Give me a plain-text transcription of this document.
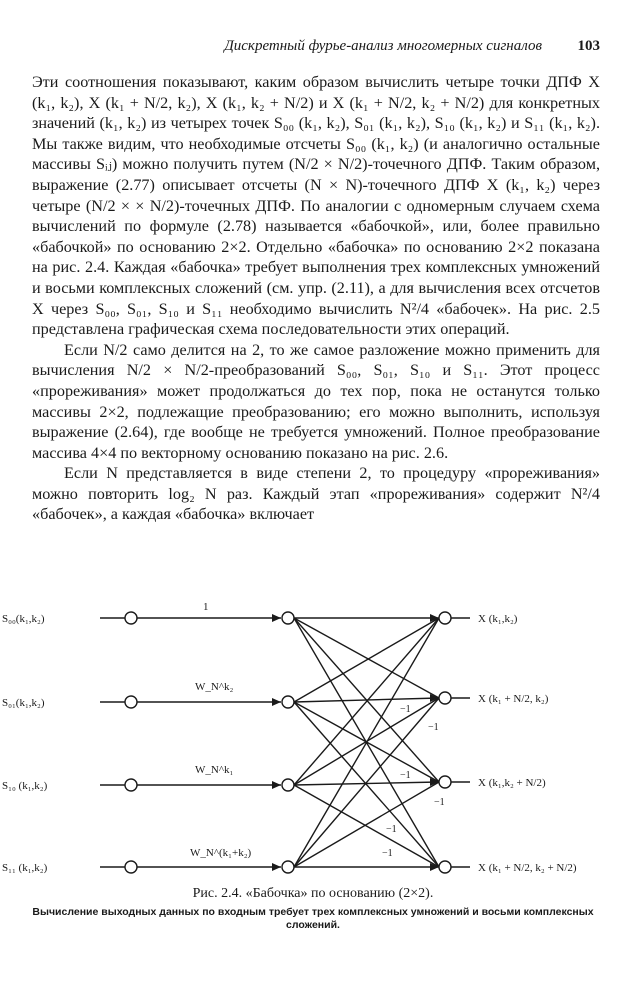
Дискретный фурье-анализ многомерных сигналов 103

Эти соотношения показывают, каким образом вычислить четыре точки ДПФ X (k₁, k₂), X (k₁ + N/2, k₂), X (k₁, k₂ + N/2) и X (k₁ + N/2, k₂ + N/2) для конкретных значений (k₁, k₂) из четырех точек S₀₀ (k₁, k₂), S₀₁ (k₁, k₂), S₁₀ (k₁, k₂) и S₁₁ (k₁, k₂). Мы также видим, что необходимые отсчеты S₀₀ (k₁, k₂) (и аналогично остальные массивы Sᵢⱼ) можно получить путем (N/2 × N/2)-точечного ДПФ. Таким образом, выражение (2.77) описывает отсчеты (N × N)-точечного ДПФ X (k₁, k₂) через четыре (N/2 × × N/2)-точечных ДПФ. По аналогии с одномерным случаем схема вычислений по формуле (2.78) называется «бабочкой», или, более правильно «бабочкой» по основанию 2×2. Отдельно «бабочка» по основанию 2×2 показана на рис. 2.4. Каждая «бабочка» требует выполнения трех комплексных умножений и восьми комплексных сложений (см. упр. (2.11), а для вычисления всех отсчетов X через S₀₀, S₀₁, S₁₀ и S₁₁ необходимо вычислить N²/4 «бабочек». На рис. 2.5 представлена графическая схема последовательности этих операций.

Если N/2 само делится на 2, то же самое разложение можно применить для вычисления N/2 × N/2-преобразований S₀₀, S₀₁, S₁₀ и S₁₁. Этот процесс «прореживания» может продолжаться до тех пор, пока не останутся только массивы 2×2, подлежащие преобразованию; его можно выполнить, используя выражение (2.64), где вообще не требуется умножений. Полное преобразование массива 4×4 по векторному основанию показано на рис. 2.6.

Если N представляется в виде степени 2, то процедуру «прореживания» можно повторить log₂ N раз. Каждый этап «прореживания» содержит N²/4 «бабочек», а каждая «бабочка» включает

S₀₀(k₁,k₂)
S₀₁(k₁,k₂)
S₁₀ (k₁,k₂)
S₁₁ (k₁,k₂)
X (k₁,k₂)
X (k₁ + N/2, k₂)
X (k₁,k₂ + N/2)
X (k₁ + N/2, k₂ + N/2)
1
W_N^k₂
W_N^k₁
W_N^(k₁+k₂)
−1
−1
−1
−1
−1
−1
Рис. 2.4. «Бабочка» по основанию (2×2).
Вычисление выходных данных по входным требует трех комплексных умножений и восьми комплексных сложений.
